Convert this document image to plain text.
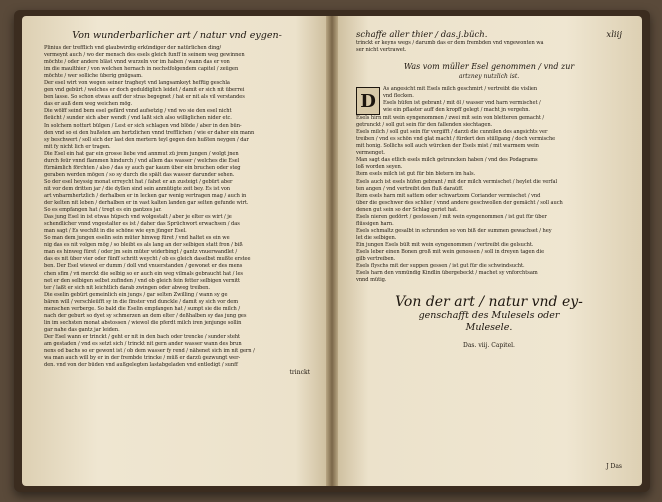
Von wunderbarlicher art / natur vnd eygen-
Plinius der trefflich vnd glaubwirdig erkündiger der natürlichen ding/
vermeynt auch / wo der mensch des esels gleich funff in seinem weg gewinnen
möchte / oder andere bläst vnnd wurzeln vor im haben / wann das er von
im die maulthier / von welchen hernach in nechstfolgendem capitel / zeügen
möchte / wer solliche überig gnügsam.
Der esel wirt von wegen seiner tragheyt vnd langsamkeyt hefftig geschla
gen vnd gebürt / welches er doch geduldiglich leidet / damit er sich nit überrei
ben lasse. So schon etwas auff der stras begegnet / hat er nit als vil verstandes
das er auß dem weg weichen mög.
Die wölff seind bem esel gefärd vnnd aufsetzig / vnd wo sie den esel nicht
fleücht / sunder sich aber wendt / vnd laßt sich also williglichen nider etc.
In solchem notturt bülgen / Lest er sich schlagen vnd blöde / aber in den bün-
den vnd so ei den hußsten am hertzlichen vnnd trefflichen / wie er daher ein mann
sy beschwert / soll sich der last den mertern teyl gegen den hußten neygen / dar
mit fy nicht lich er tragen.
Die Esel ein hat gar ein grosse liebe vnd annmut zü jrem jungen / wolgt jnen
durch feür vnnd flammen hindurch / vnd allem das wasser / welches die Esel
fürnämlich förchten / also / das sy auch gar kaum über ein bruchen oder steg
geraben werden mögen / so sy durch die spält das wasser darunder sehen.
So der esel heyssig monat erreycht hat / fahet er an zusteigt / gebürt aber
nit vor dem dritten jar / die dyllen sind sein anmütigte zeit bey. Es ist von
art vnbarmhertzlich / derhalben er in lecken gar wenig vertragen mag / auch in
der kelten nit leben / derhalben er in vast kalten landen gar selten gefunde wirt.
So es empfangen hat / tregt es ein gantzes jar.
Das jung Esel in ist etwas hüpsch vnd wolgestalt / aber je elter es wirt / je
schendlicher vnnd vngestalter es ist / daher das Sprüchwort erwachsen / das
man sagt / Es wechßt in die schöne wie eyn jünger Esel.
So man dem jungen eselin sein müter hinweg füret / vnd haltet es ein we
nig das es nit volgen mög / so bleibt es als lang an der selbigen statt fron / biß
man es hinweg füret / oder jm sein müter widerbingt / gantz vnuerwandlet /
das es nit über vier oder fünff schritt weycht / ob es gleich daselbst mußte erstee
ben. Der Esel wiewol er dumm / doll vnd vnuerstanden / gewonet er des mens
chen sfim / vñ merckt die selbig so er auch ein weg vilmals gebraucht hat / les
net er den selbigen selbst zufinden / vnd ob gleich fein fetter selbigen vernitt
ter / laßt er sich nit leichtlich darab zwingen oder abweg treiben.
Die eselin gebürt gemeinlich ein jungs / gar selten Zwilling / wann sy ge
bären will / verschleüfft sy in die finster vnd dunckle / damit sy sich vor dem
menschen verberge. So bald die Eselin empfangen hat / sumpt sie die milch /
nach der geburt so dyet sy schmerzen an dem elter / deßhalben sy das jung ges
lin im sechsten monat abstossen / wiewol die pferdt milch iren jenjunge sollin
gar nahe das gantz jar leiden.
Der Esel wann er trinckt / geht er nit in den bach oder trencke / sunder steht
am gestaden / vnd es setzt sich / trinckt nit gern ander wasser wann des brun
nens od bachs so er gewont ist / ob dem wasser fy rend / nähenet sich im nit gern /
wa man auch will by er in der frembde trincke / müß er darzü gezwungt wer-
den. vnd von der büden vnd außgelegten lastabgeladen vnd entledigt / sunff
trinckt
schaffe aller thier / das.j.büch.	xliij
trinckt er keyns wegs / darumb das er dem frembden vnd vngewonten wa
ser nicht vertrawet.
Was vom müller Esel genommen / vnd zur
artzney nutzlich ist.
D
As angesicht mit Esels milch geschmirt / vertreibt die vislien
vnd flecken.
Esels hüfen ist gebrant / mit öl / wasser vnd harn vermischet /
wie ein pflaster auff den kropff gelegt / macht jn vergehn.
Esels hirn mit wein eyngenommen / zwei mit sein von bletteren gemacht /
getrunckt / soll gut sein für den fallenden siechtagen.
Esels milch / soll gut sein für vergifft / darzü die cunnilen des angsichts ver
treiben / vnd es schön vnd glat macht / fürdert den stüllgang / doch vermische
mit honig. Sollichs soll auch würcken der Esels mist / mit warmem wein
vermenget.
Man sagt das etlich esels milch getruncken haben / vnd des Podagrams
loß worden seyen.
Item esels milch ist gut für bin bletern im hals.
Esels auch ist esels hüfen gebrant / mit der milch vermischet / heylet die verfal
ten angen / vnd vertreibt den fluß daraüff.
Item esels harn mit sattem oder schwartzem Coriander vermischet / vnd
über die geschwer des schlier / vnnd andere geschwollen der gemächt / soll auch
denen gut sein so der Schlag geriet hat.
Esels nieren gedörrt / gestossen / mit wein eyngenommen / ist gut für über
flüssigen harn.
Esels schmaltz gesalbt in schrunden so von biß der summen gewachset / hey
let die selbigen.
Ein jungen Esels bült mit wein eyngenommen / vertreibt die gelsucht.
Esels leber einen Bonen groß mit wein genossen / soll in dreyen tagen die
gilb vertreiben.
Esels flyschs mit der suppen gessen / ist gut für die schwindsucht.
Esels harn den vnmündig Kindlin übergebeckt / machet sy vnforchtsam
vnnd mütig.
Von der art / natur vnd ey-
genschafft des Mulesels oder
Mulesele.
Das. viij. Capitel.
J Das
